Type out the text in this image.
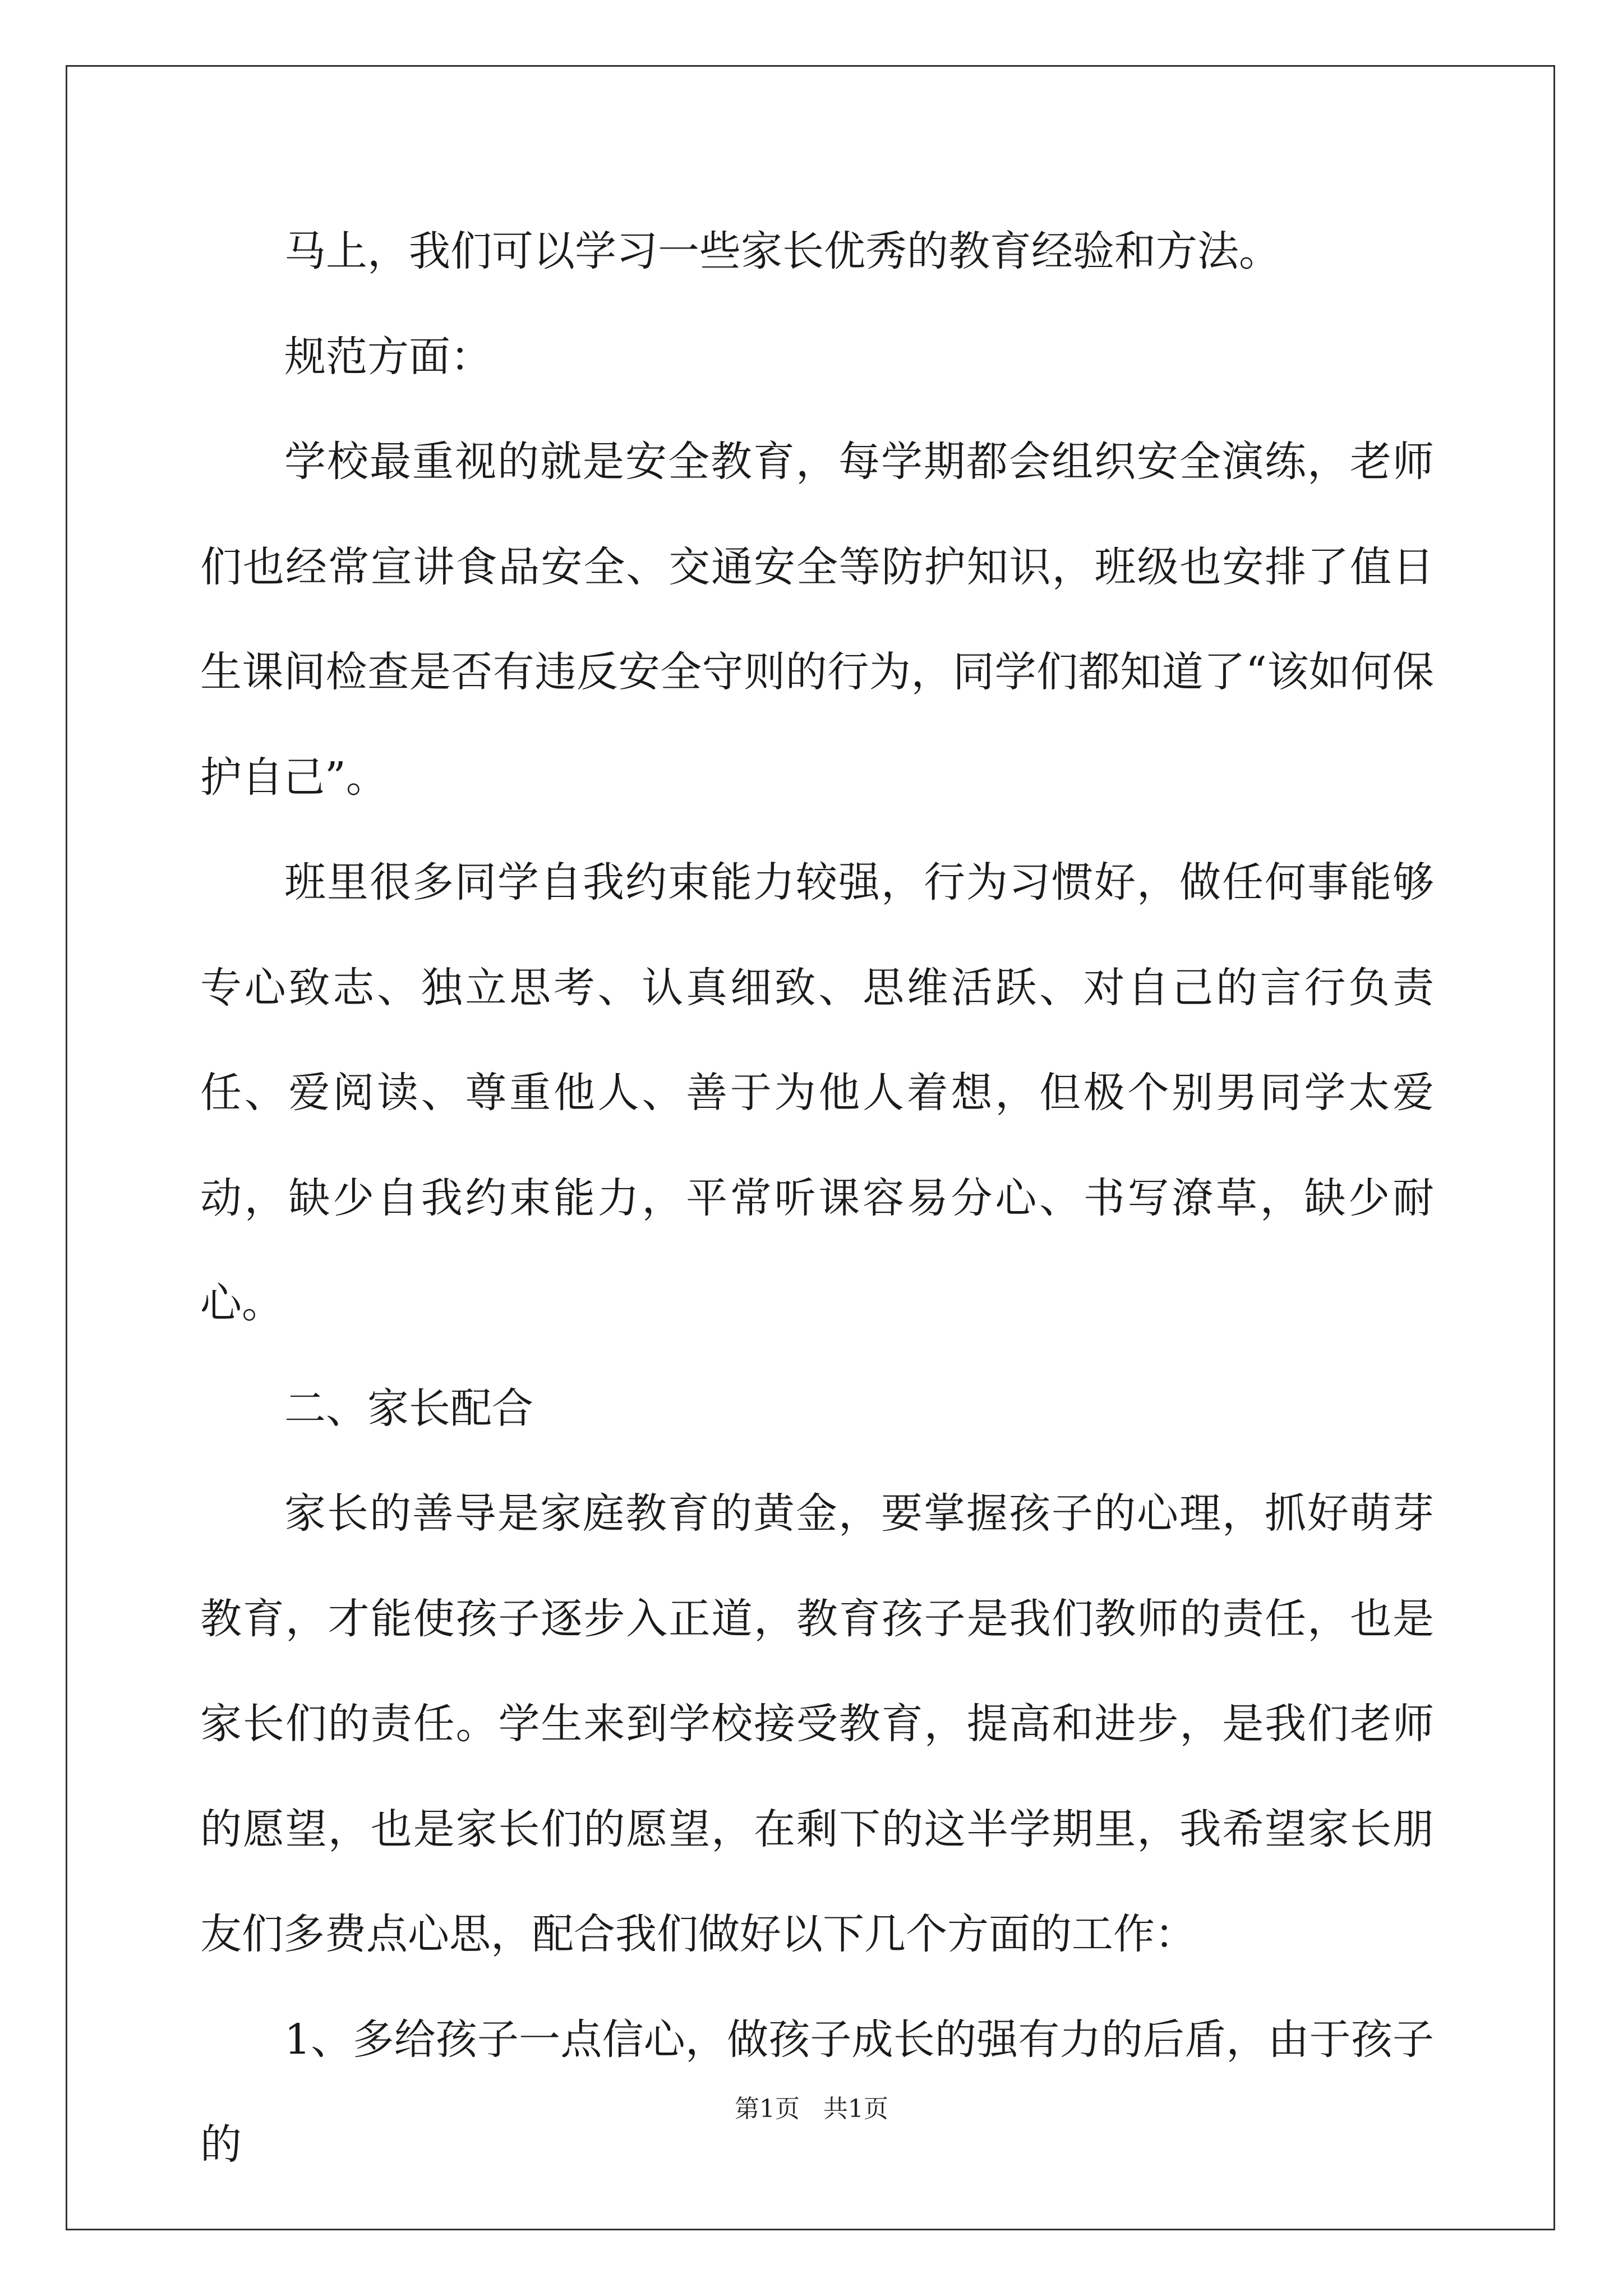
马上，我们可以学习一些家长优秀的教育经验和方法。

规范方面：

学校最重视的就是安全教育，每学期都会组织安全演练，老师们也经常宣讲食品安全、交通安全等防护知识，班级也安排了值日生课间检查是否有违反安全守则的行为，同学们都知道了“该如何保护自己”。

班里很多同学自我约束能力较强，行为习惯好，做任何事能够专心致志、独立思考、认真细致、思维活跃、对自己的言行负责任、爱阅读、尊重他人、善于为他人着想，但极个别男同学太爱动，缺少自我约束能力，平常听课容易分心、书写潦草，缺少耐心。

二、家长配合

家长的善导是家庭教育的黄金，要掌握孩子的心理，抓好萌芽教育，才能使孩子逐步入正道，教育孩子是我们教师的责任，也是家长们的责任。学生来到学校接受教育，提高和进步，是我们老师的愿望，也是家长们的愿望，在剩下的这半学期里，我希望家长朋友们多费点心思，配合我们做好以下几个方面的工作：

1、多给孩子一点信心，做孩子成长的强有力的后盾，由于孩子的

第1页 共1页
